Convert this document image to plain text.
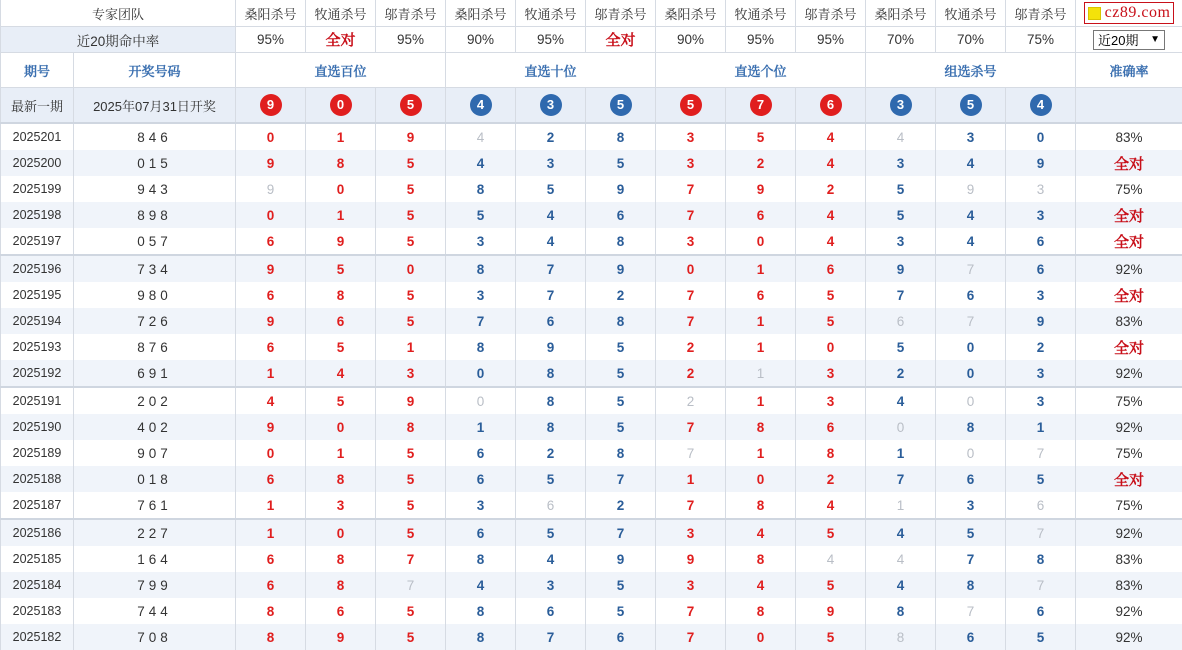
专家团队		桑阳杀号	牧通杀号	邬青杀号	桑阳杀号	牧通杀号	邬青杀号	桑阳杀号	牧通杀号	邬青杀号	桑阳杀号	牧通杀号	邬青杀号	cz89.com

近20期命中率		95%	全对	95%	90%	95%	全对	90%	95%	95%	70%	70%	75%	近20期 ▼

期号	开奖号码	直选百位			直选十位			直选个位			组选杀号			准确率
最新一期	2025年07月31日开奖	9	0	5	4	3	5	5	7	6	3	5	4	
2025201	846	0	1	9	4	2	8	3	5	4	4	3	0	83%
2025200	015	9	8	5	4	3	5	3	2	4	3	4	9	全对
2025199	943	9	0	5	8	5	9	7	9	2	5	9	3	75%
2025198	898	0	1	5	5	4	6	7	6	4	5	4	3	全对
2025197	057	6	9	5	3	4	8	3	0	4	3	4	6	全对
2025196	734	9	5	0	8	7	9	0	1	6	9	7	6	92%
2025195	980	6	8	5	3	7	2	7	6	5	7	6	3	全对
2025194	726	9	6	5	7	6	8	7	1	5	6	7	9	83%
2025193	876	6	5	1	8	9	5	2	1	0	5	0	2	全对
2025192	691	1	4	3	0	8	5	2	1	3	2	0	3	92%
2025191	202	4	5	9	0	8	5	2	1	3	4	0	3	75%
2025190	402	9	0	8	1	8	5	7	8	6	0	8	1	92%
2025189	907	0	1	5	6	2	8	7	1	8	1	0	7	75%
2025188	018	6	8	5	6	5	7	1	0	2	7	6	5	全对
2025187	761	1	3	5	3	6	2	7	8	4	1	3	6	75%
2025186	227	1	0	5	6	5	7	3	4	5	4	5	7	92%
2025185	164	6	8	7	8	4	9	9	8	4	4	7	8	83%
2025184	799	6	8	7	4	3	5	3	4	5	4	8	7	83%
2025183	744	8	6	5	8	6	5	7	8	9	8	7	6	92%
2025182	708	8	9	5	8	7	6	7	0	5	8	6	5	92%
